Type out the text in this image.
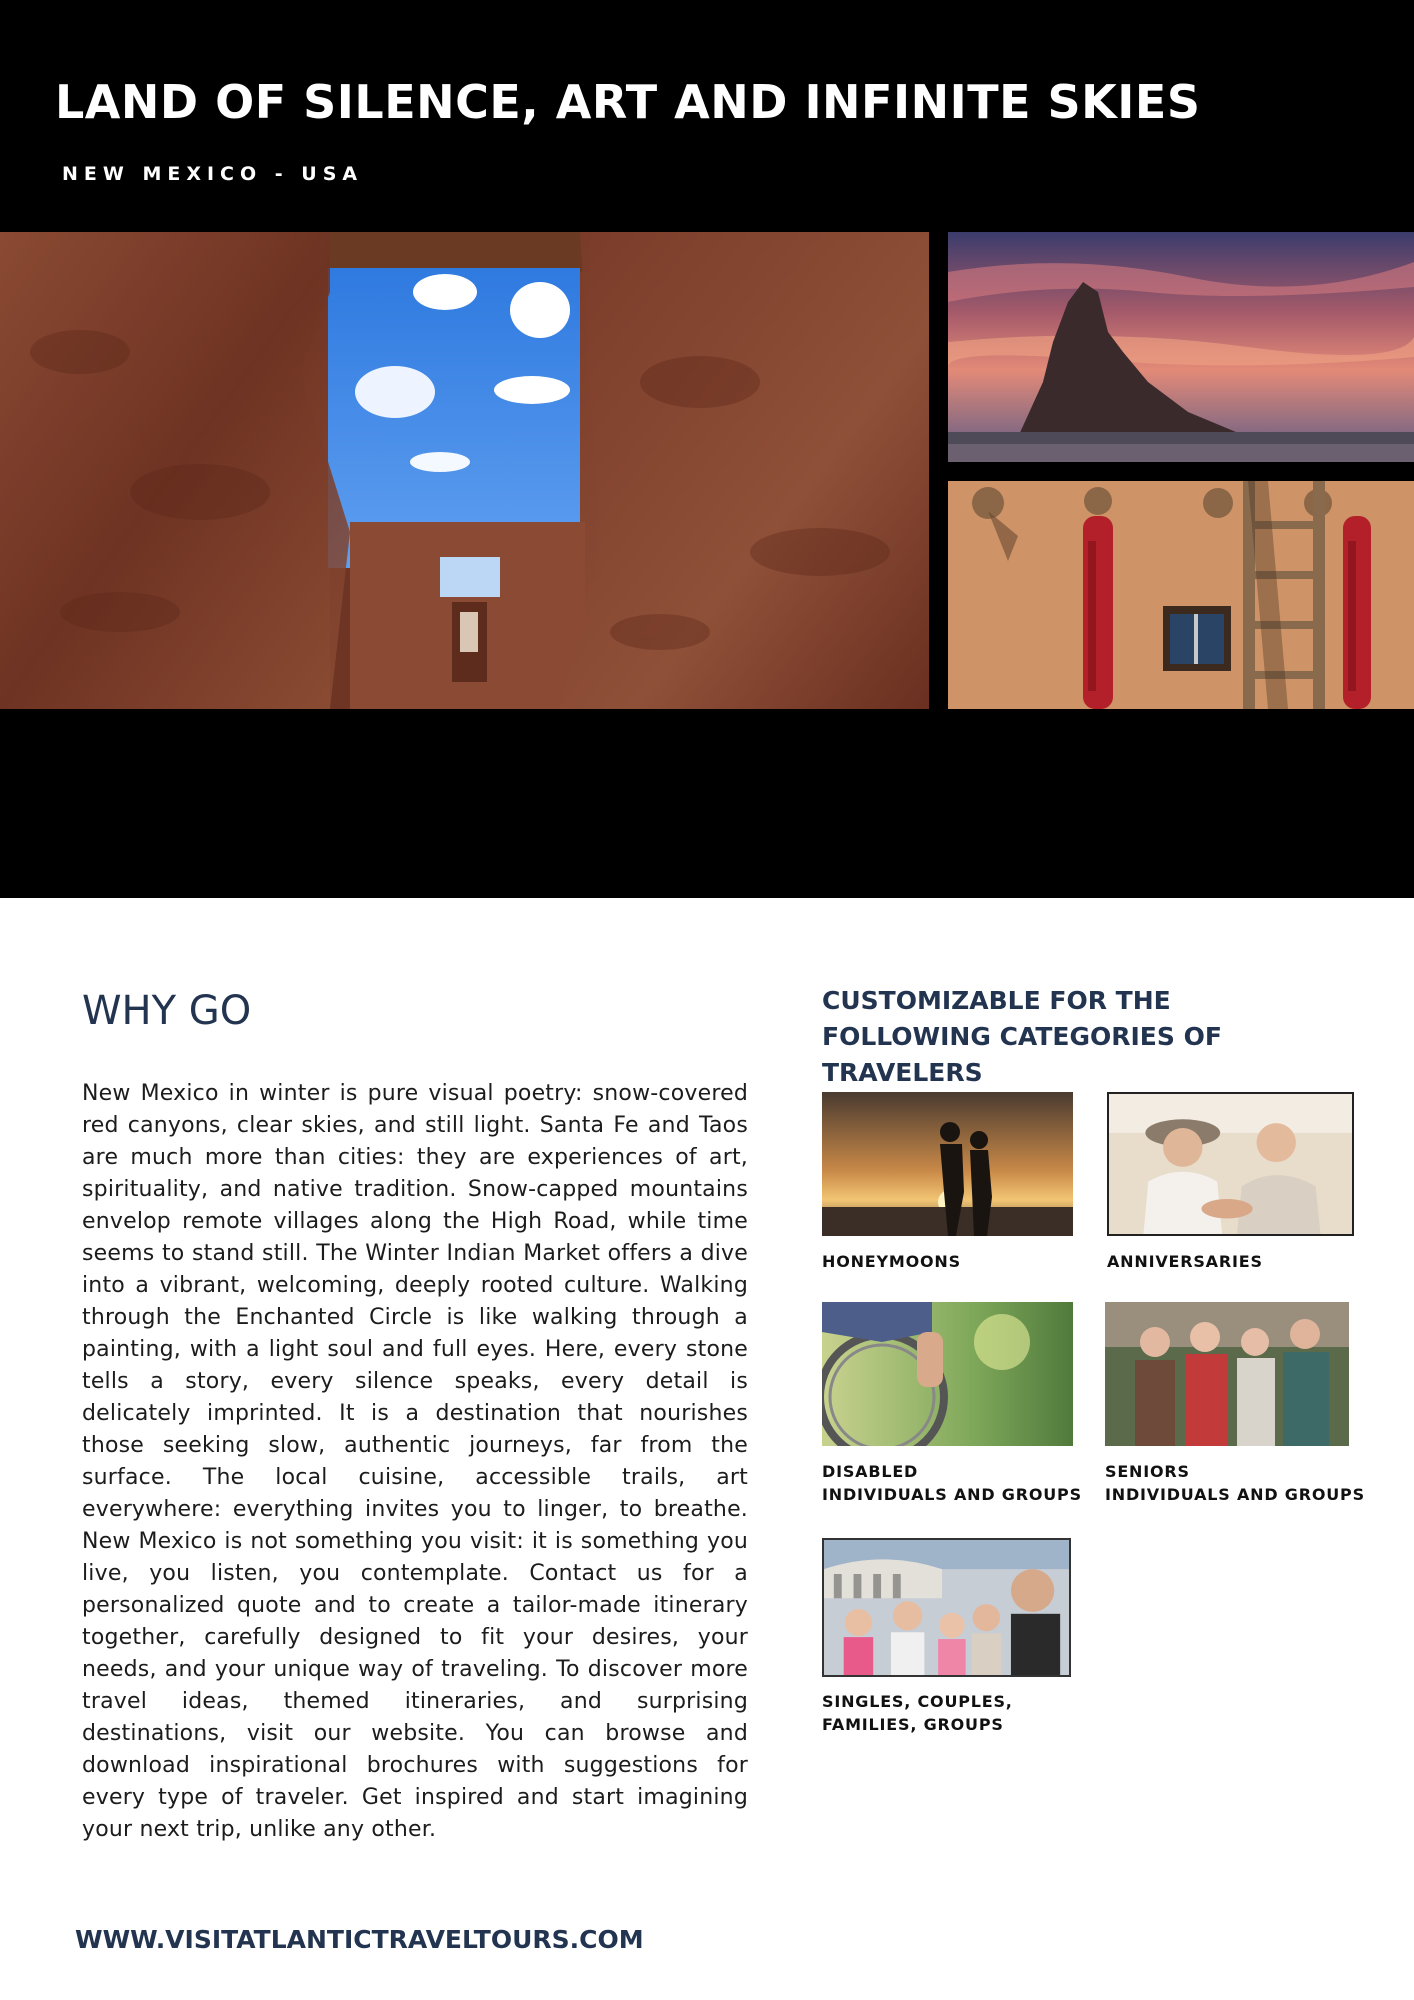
LAND OF SILENCE, ART AND INFINITE SKIES
NEW MEXICO - USA
WHY GO

New Mexico in winter is pure visual poetry: snow-covered red canyons, clear skies, and still light. Santa Fe and Taos are much more than cities: they are experiences of art, spirituality, and native tradition. Snow-capped mountains envelop remote villages along the High Road, while time seems to stand still. The Winter Indian Market offers a dive into a vibrant, welcoming, deeply rooted culture. Walking through the Enchanted Circle is like walking through a painting, with a light soul and full eyes. Here, every stone tells a story, every silence speaks, every detail is delicately imprinted. It is a destination that nourishes those seeking slow, authentic journeys, far from the surface. The local cuisine, accessible trails, art everywhere: everything invites you to linger, to breathe. New Mexico is not something you visit: it is something you live, you listen, you contemplate. Contact us for a personalized quote and to create a tailor-made itinerary together, carefully designed to fit your desires, your needs, and your unique way of traveling. To discover more travel ideas, themed itineraries, and surprising destinations, visit our website. You can browse and download inspirational brochures with suggestions for every type of traveler. Get inspired and start imagining your next trip, unlike any other.

CUSTOMIZABLE FOR THE FOLLOWING CATEGORIES OF TRAVELERS
HONEYMOONS	ANNIVERSARIES
DISABLED
INDIVIDUALS AND GROUPS
SENIORS
INDIVIDUALS AND GROUPS
SINGLES, COUPLES,
FAMILIES, GROUPS
WWW.VISITATLANTICTRAVELTOURS.COM
